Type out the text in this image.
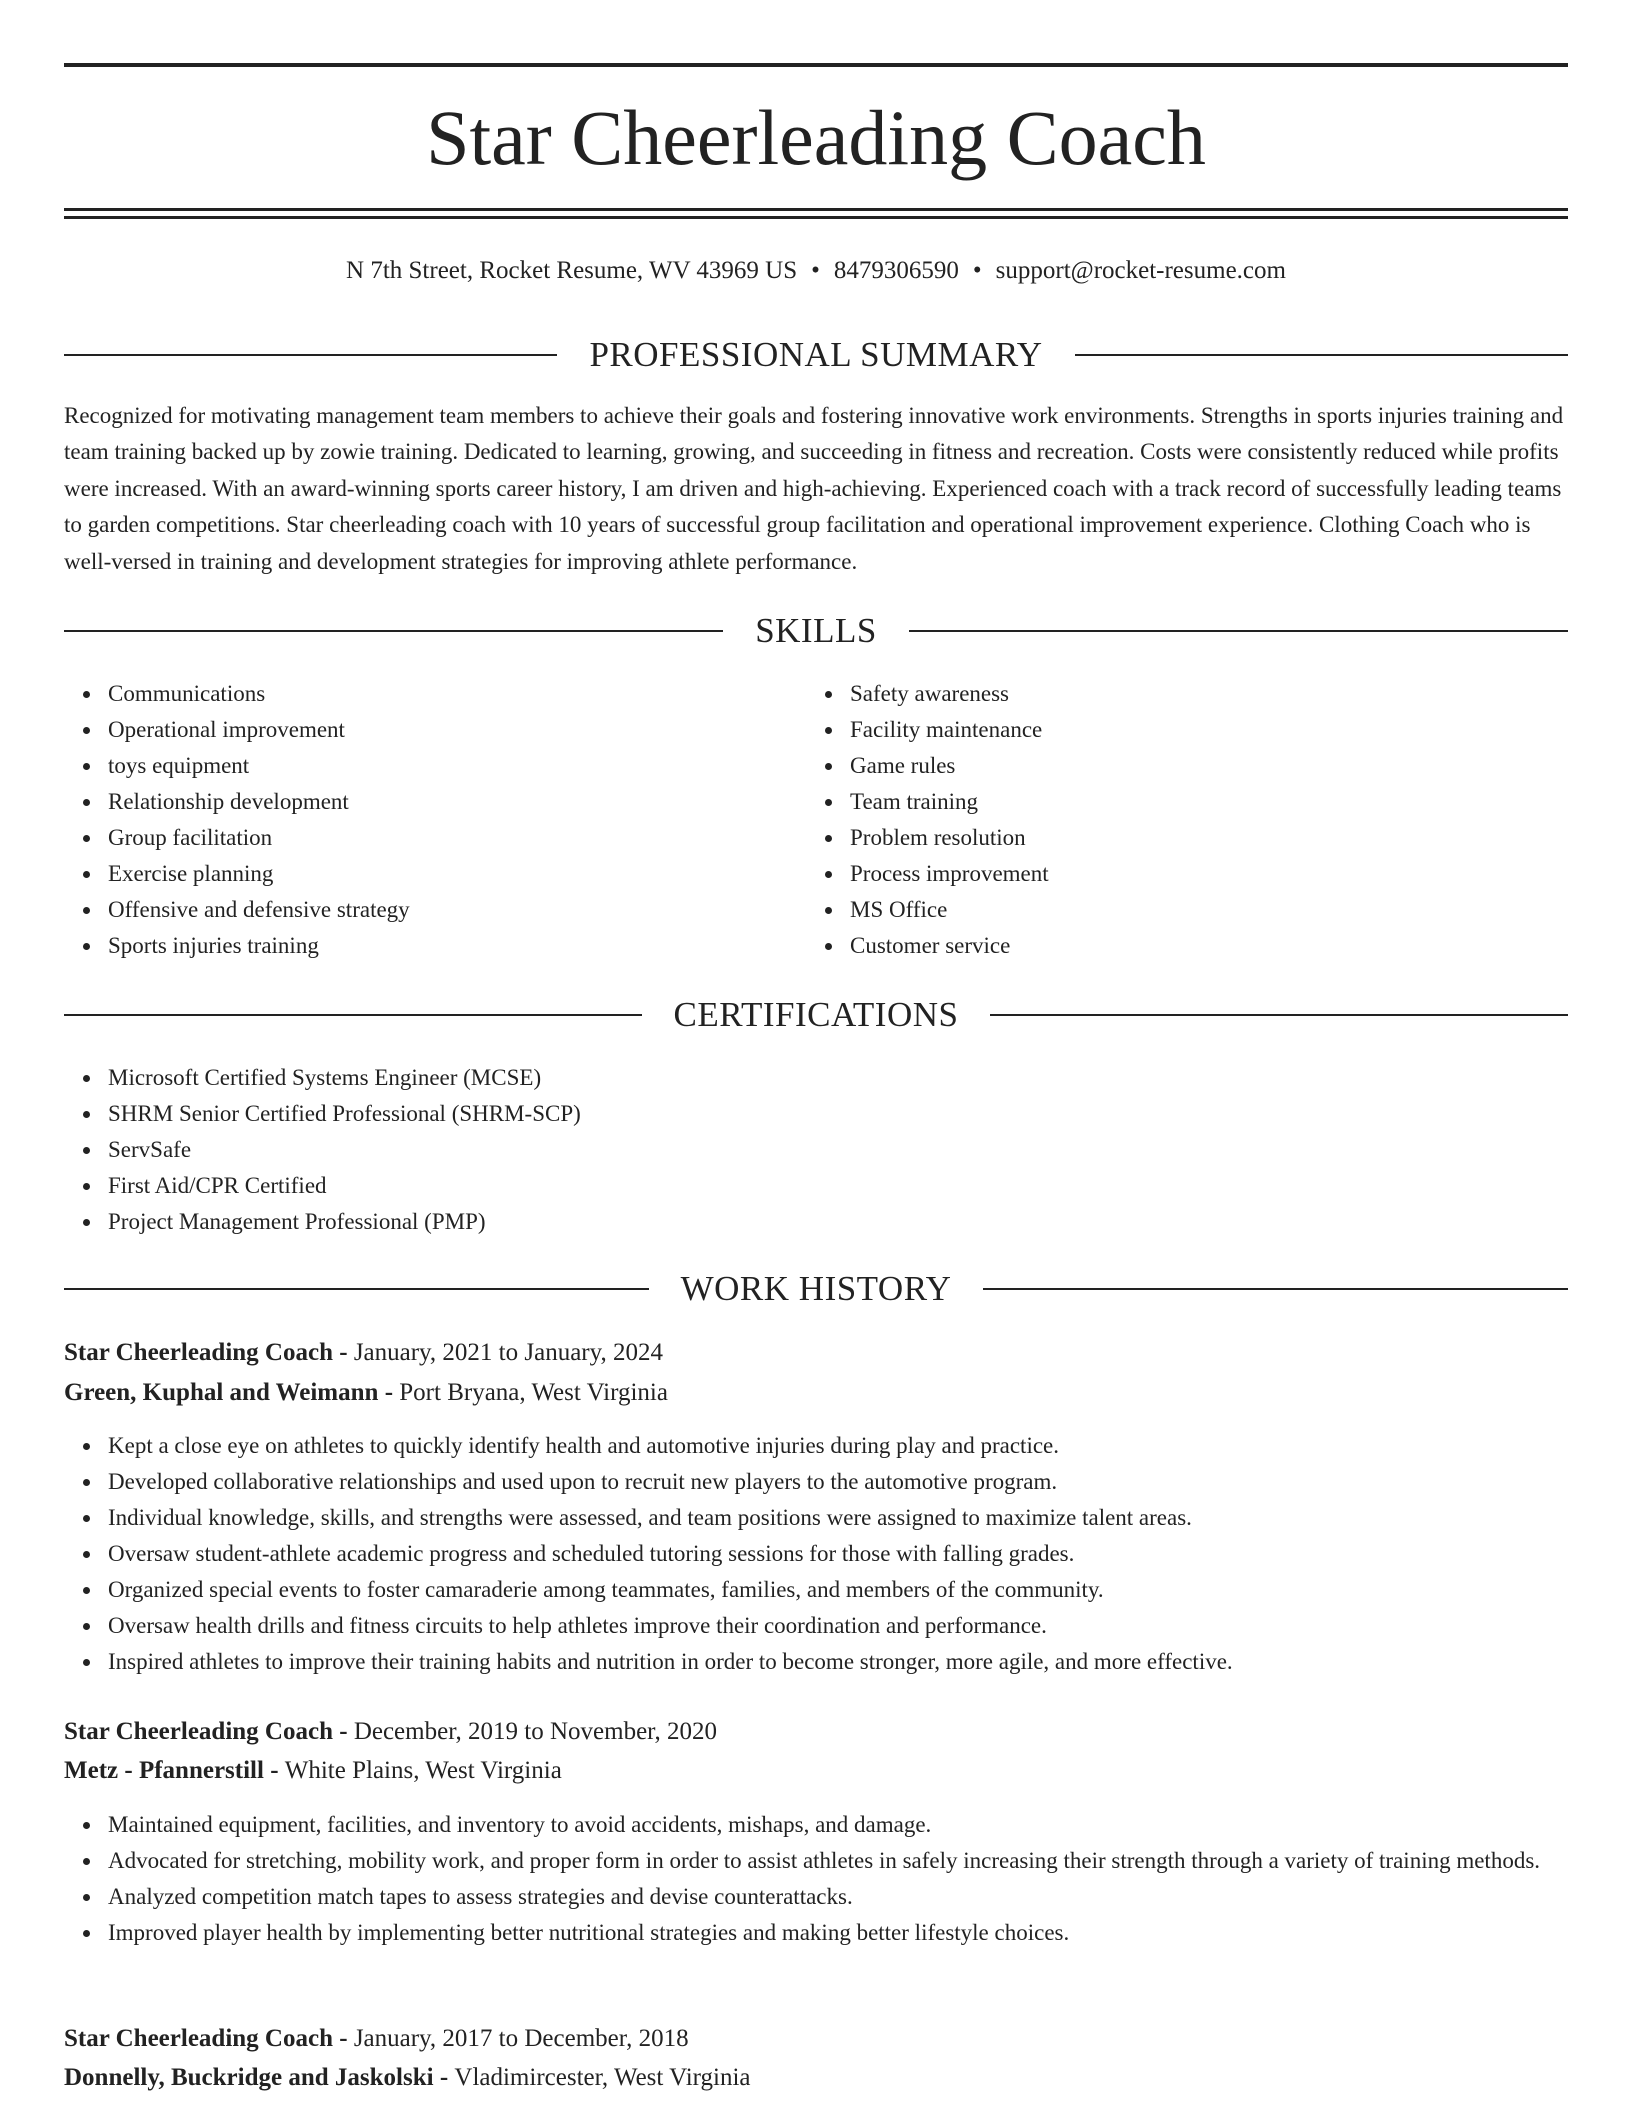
Star Cheerleading Coach
N 7th Street, Rocket Resume, WV 43969 US • 8479306590 • support@rocket-resume.com
PROFESSIONAL SUMMARY

Recognized for motivating management team members to achieve their goals and fostering innovative work environments. Strengths in sports injuries training and team training backed up by zowie training. Dedicated to learning, growing, and succeeding in fitness and recreation. Costs were consistently reduced while profits were increased. With an award-winning sports career history, I am driven and high-achieving. Experienced coach with a track record of successfully leading teams to garden competitions. Star cheerleading coach with 10 years of successful group facilitation and operational improvement experience. Clothing Coach who is well-versed in training and development strategies for improving athlete performance.

SKILLS
Communications
Operational improvement
toys equipment
Relationship development
Group facilitation
Exercise planning
Offensive and defensive strategy
Sports injuries training
Safety awareness
Facility maintenance
Game rules
Team training
Problem resolution
Process improvement
MS Office
Customer service
CERTIFICATIONS
Microsoft Certified Systems Engineer (MCSE)
SHRM Senior Certified Professional (SHRM-SCP)
ServSafe
First Aid/CPR Certified
Project Management Professional (PMP)
WORK HISTORY
Star Cheerleading Coach - January, 2021 to January, 2024
Green, Kuphal and Weimann - Port Bryana, West Virginia
Kept a close eye on athletes to quickly identify health and automotive injuries during play and practice.
Developed collaborative relationships and used upon to recruit new players to the automotive program.
Individual knowledge, skills, and strengths were assessed, and team positions were assigned to maximize talent areas.
Oversaw student-athlete academic progress and scheduled tutoring sessions for those with falling grades.
Organized special events to foster camaraderie among teammates, families, and members of the community.
Oversaw health drills and fitness circuits to help athletes improve their coordination and performance.
Inspired athletes to improve their training habits and nutrition in order to become stronger, more agile, and more effective.
Star Cheerleading Coach - December, 2019 to November, 2020
Metz - Pfannerstill - White Plains, West Virginia
Maintained equipment, facilities, and inventory to avoid accidents, mishaps, and damage.
Advocated for stretching, mobility work, and proper form in order to assist athletes in safely increasing their strength through a variety of training methods.
Analyzed competition match tapes to assess strategies and devise counterattacks.
Improved player health by implementing better nutritional strategies and making better lifestyle choices.
Star Cheerleading Coach - January, 2017 to December, 2018
Donnelly, Buckridge and Jaskolski - Vladimircester, West Virginia
